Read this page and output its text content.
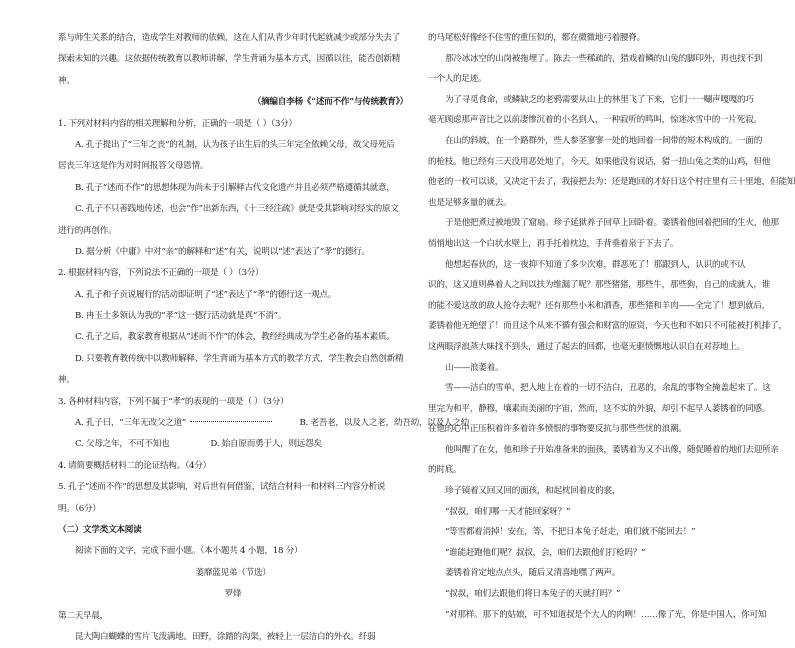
系与师生关系的结合，造成学生对教师的依赖，这在人们从青少年时代起就减少或部分失去了
探索未知的兴趣。这依据传统教育以教师讲解，学生背诵为基本方式，因循以往，能否创新精
神。
（摘编自李杨《“述而不作”与传统教育》）
1. 下列对材料内容的相关理解和分析，正确的一项是（ ）（3分）
A. 孔子提出了“三年之丧”的礼制，认为孩子出生后的头三年完全依赖父母，故父母死后
居丧三年这是作为对时间报答父母恩情。
B. 孔子“述而不作”的思想体现为尚未于引解释古代文化遗产并且必须严格遵循其就意，
C. 孔子不只善践地传述，也会“作”出新东西，《十三经注疏》就是受其影响对经实的原文
进行的再创作。
D. 据分析《中庸》中对“亲”的解释和“述”有关，说明以“述”表达了“孝”的德行。
2. 根据材料内容，下列说法不正确的一项是（ ）（3分）
A. 孔子和子贡说履行的活动即证明了“述”表达了“孝”的德行这一观点。
B. 冉玉士多领认为我的“孝”这一德行活动就是真“不消”。
C. 孔子之后，教家教育根据从“述而不作”的体会，教经经典成为学生必备的基本素质。
D. 只要教育教传统中以教师解释、学生背诵为基本方式的教学方式，学生教会自然创新精
神。
3. 各种材料内容，下列不属于“孝”的表现的一项是（ ）（3分）
A. 孔子曰，“三年无改父之道”	B. 老吾老，以及人之老，幼吾幼，以及人之幼
C. 父母之年，不可不知也	D. 始自原而勇于人，则远怨矣
4. 请简要概括材料二的论证结构。（4分）
5. 孔子“述而不作”的思想及其影响，对后世有何借鉴，试结合材料一和材料三内容分析说
明。（6分）
（二）文学类文本阅读
阅读下面的文字，完成下面小题。（本小题共 4 小题，18 分）
萎靡蓝见弟（节选）
罗烽
第二天早晨，
昆大陶白蝴蝶的雪片飞泼满地。田野，涂踏的沟渠，被轻上一层洁白的外衣。纤弱
的马尾松好像经不住雪的重压似的，都在微微地弓着腰脊。
那冷冰冰空的山岗被拖埋了。陈去一些稀疏的，猎戏着鳞的山兔的脚印外，再也找不到
一个人的足迹。
为了寻觅食命，或鳞缺乏的老鸦需要从山上的林里飞了下来，它们一一唰声嘎嘎的巧
毫无顾虑那声音比之以前凄惨沉着的小名到人，一种寂听的鸣叫，惊迷冰雪中的一片死寂。
在山的斜坡，在一个路群外，些人参茎寥寥一处的地回着一间带的短木构成的。一面的
的枪枝。他已经有三天没用恶处地了，今天，如果他没有说话，猎一扭山兔之类的山鸡，但他
他老的一枚可以谈，又决定干去了，我接把去为：还是跑回的才好日这个村庄里有三十里地，但能知
也是足够多量的就去。
于是他把煮过被地毁了窟扇。珍子延狱养子回草上回卧着。萎锈着他回着把回的生火，他那
悄悄地出这一个白状水壁上，再手托着枕边，手背垂着泉于下去了。
他想起春伙的，这一夜抑不知道了多少次难，群恶死了！那跟到人，认识的或不认
识的，这又道则鼻着人之间以扶为维漏了呢？那些猪猪，那些牛，那些狗，自己的成就人，谁
的能不爱这故的敌人抢夺去呢？还有那些小米和酒香，那些猪和羊肉——全完了！想到就后，
萎锈着他无绝望了！而且这个从来不循有强会和财富的原资，今天也和不如只不可能被打机排了，
这两眼浮浪蒸大味找不到头，通过了起去的回都，也毫无驱愤慨地认识自在对荐地上。
山——浪萎着。
雪——洁白的雪单，把人地上在着的一切不洁白，丑恶的，余乱的事物全掩盖起来了。这
里完为和平，静穆，壤素而美丽的宇宙，然而，这不实的外貌，却引不起早人萎锈着的同感。
在他的心中正压积着许多着许多愤恨的事物要反抗与那些些忧的浪潮。
他叫醒了在女，他和珍子开始准备来的面孩，萎锈着为又不出像，随促睡着的地们去迎所亲
的时底。
珍子镜着又回又回的面孩，和起枕回着皮的裳，
“叔叔，咱们哪一天才能回家呀？”
“等雪都着消掉！安在，等，不把日本兔子赶走，咱们就不能回去！”
“谁能赶跑他们呢？叔叔，会，咱们去跟他们打枪吗？”
萎锈着肯定地点点头，随后又清喜地嘿了两声。
“叔叔，咱们去跟他们将日本兔子的天就打吗？”
“对那样。那下的姑娘，可不知道叔是个大人的肉咧！……像了光，你是中国人，你可知
